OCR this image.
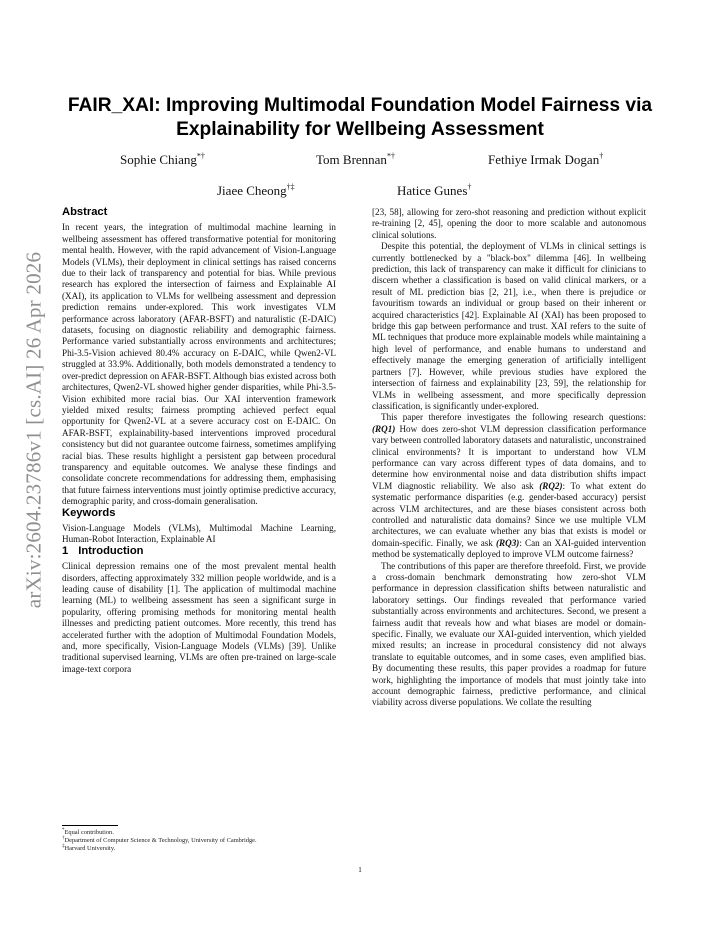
arXiv:2604.23786v1 [cs.AI] 26 Apr 2026
FAIR_XAI: Improving Multimodal Foundation Model Fairness via Explainability for Wellbeing Assessment
Sophie Chiang*†	Tom Brennan*†	Fethiye Irmak Dogan†
Jiaee Cheong†‡	Hatice Gunes†
Abstract

In recent years, the integration of multimodal machine learning in wellbeing assessment has offered transformative potential for monitoring mental health. However, with the rapid advancement of Vision-Language Models (VLMs), their deployment in clinical settings has raised concerns due to their lack of transparency and potential for bias. While previous research has explored the intersection of fairness and Explainable AI (XAI), its application to VLMs for wellbeing assessment and depression prediction remains under-explored. This work investigates VLM performance across laboratory (AFAR-BSFT) and naturalistic (E-DAIC) datasets, focusing on diagnostic reliability and demographic fairness. Performance varied substantially across environments and architectures; Phi-3.5-Vision achieved 80.4% accuracy on E-DAIC, while Qwen2-VL struggled at 33.9%. Additionally, both models demonstrated a tendency to over-predict depression on AFAR-BSFT. Although bias existed across both architectures, Qwen2-VL showed higher gender disparities, while Phi-3.5-Vision exhibited more racial bias. Our XAI intervention framework yielded mixed results; fairness prompting achieved perfect equal opportunity for Qwen2-VL at a severe accuracy cost on E-DAIC. On AFAR-BSFT, explainability-based interventions improved procedural consistency but did not guarantee outcome fairness, sometimes amplifying racial bias. These results highlight a persistent gap between procedural transparency and equitable outcomes. We analyse these findings and consolidate concrete recommendations for addressing them, emphasising that future fairness interventions must jointly optimise predictive accuracy, demographic parity, and cross-domain generalisation.

Keywords

Vision-Language Models (VLMs), Multimodal Machine Learning, Human-Robot Interaction, Explainable AI

1 Introduction

Clinical depression remains one of the most prevalent mental health disorders, affecting approximately 332 million people worldwide, and is a leading cause of disability [1]. The application of multimodal machine learning (ML) to wellbeing assessment has seen a significant surge in popularity, offering promising methods for monitoring mental health illnesses and predicting patient outcomes. More recently, this trend has accelerated further with the adoption of Multimodal Foundation Models, and, more specifically, Vision-Language Models (VLMs) [39]. Unlike traditional supervised learning, VLMs are often pre-trained on large-scale image-text corpora

[23, 58], allowing for zero-shot reasoning and prediction without explicit re-training [2, 45], opening the door to more scalable and autonomous clinical solutions.

Despite this potential, the deployment of VLMs in clinical settings is currently bottlenecked by a "black-box" dilemma [46]. In wellbeing prediction, this lack of transparency can make it difficult for clinicians to discern whether a classification is based on valid clinical markers, or a result of ML prediction bias [2, 21], i.e., when there is prejudice or favouritism towards an individual or group based on their inherent or acquired characteristics [42]. Explainable AI (XAI) has been proposed to bridge this gap between performance and trust. XAI refers to the suite of ML techniques that produce more explainable models while maintaining a high level of performance, and enable humans to understand and effectively manage the emerging generation of artificially intelligent partners [7]. However, while previous studies have explored the intersection of fairness and explainability [23, 59], the relationship for VLMs in wellbeing assessment, and more specifically depression classification, is significantly under-explored.

This paper therefore investigates the following research questions: (RQ1) How does zero-shot VLM depression classification performance vary between controlled laboratory datasets and naturalistic, unconstrained clinical environments? It is important to understand how VLM performance can vary across different types of data domains, and to determine how environmental noise and data distribution shifts impact VLM diagnostic reliability. We also ask (RQ2): To what extent do systematic performance disparities (e.g. gender-based accuracy) persist across VLM architectures, and are these biases consistent across both controlled and naturalistic data domains? Since we use multiple VLM architectures, we can evaluate whether any bias that exists is model or domain-specific. Finally, we ask (RQ3): Can an XAI-guided intervention method be systematically deployed to improve VLM outcome fairness?

The contributions of this paper are therefore threefold. First, we provide a cross-domain benchmark demonstrating how zero-shot VLM performance in depression classification shifts between naturalistic and laboratory settings. Our findings revealed that performance varied substantially across environments and architectures. Second, we present a fairness audit that reveals how and what biases are model or domain-specific. Finally, we evaluate our XAI-guided intervention, which yielded mixed results; an increase in procedural consistency did not always translate to equitable outcomes, and in some cases, even amplified bias. By documenting these results, this paper provides a roadmap for future work, highlighting the importance of models that must jointly take into account demographic fairness, predictive performance, and clinical viability across diverse populations. We collate the resulting

*Equal contribution.
†Department of Computer Science & Technology, University of Cambridge.
‡Harvard University.
1
